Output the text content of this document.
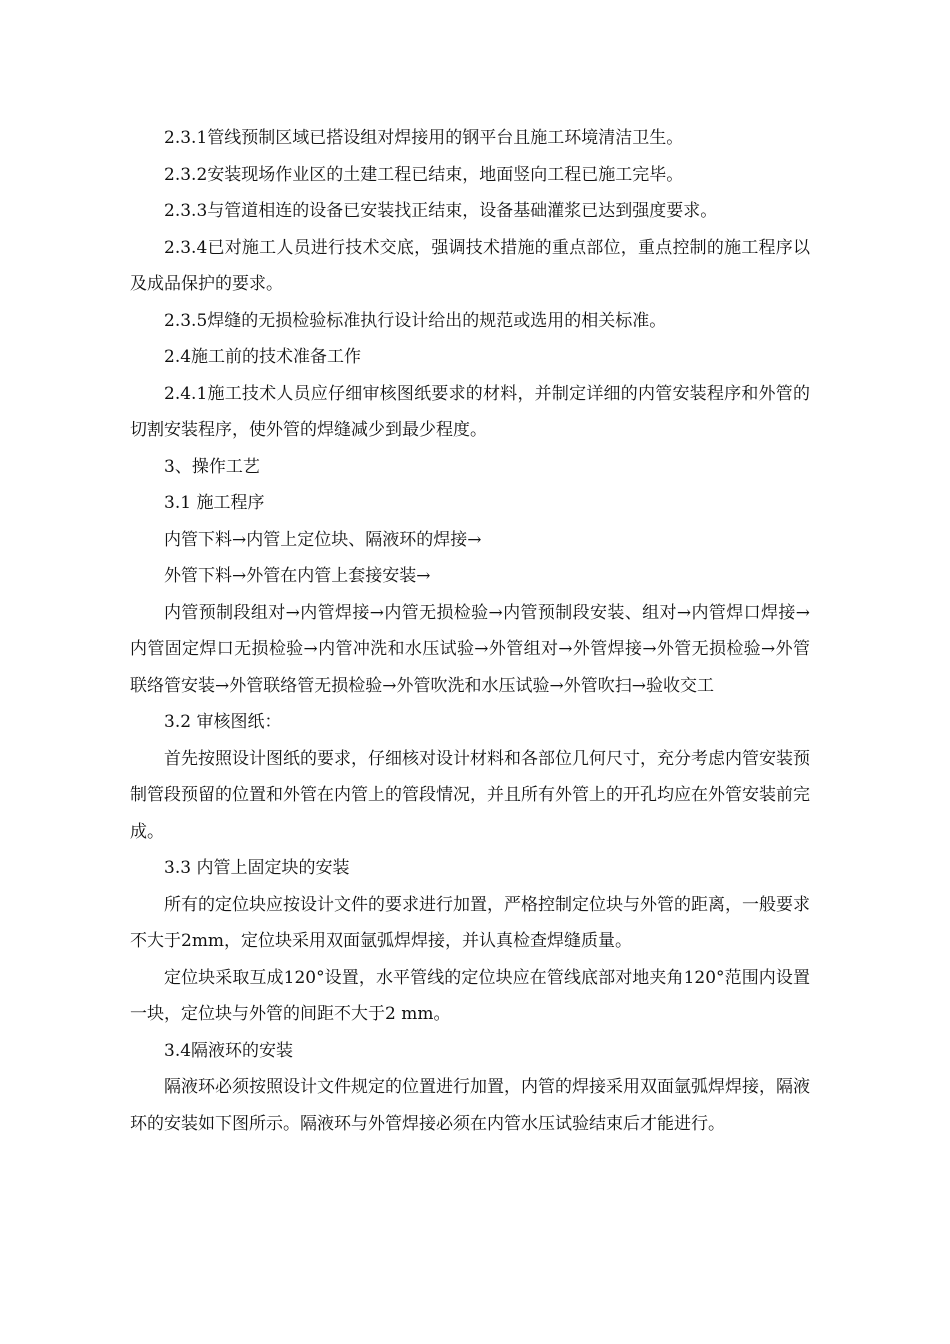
2.3.1管线预制区域已搭设组对焊接用的钢平台且施工环境清洁卫生。

2.3.2安装现场作业区的土建工程已结束，地面竖向工程已施工完毕。

2.3.3与管道相连的设备已安装找正结束，设备基础灌浆已达到强度要求。

2.3.4已对施工人员进行技术交底，强调技术措施的重点部位，重点控制的施工程序以及成品保护的要求。

2.3.5焊缝的无损检验标准执行设计给出的规范或选用的相关标准。

2.4施工前的技术准备工作

2.4.1施工技术人员应仔细审核图纸要求的材料，并制定详细的内管安装程序和外管的切割安装程序，使外管的焊缝减少到最少程度。

3、操作工艺

3.1 施工程序

内管下料→内管上定位块、隔液环的焊接→

外管下料→外管在内管上套接安装→

内管预制段组对→内管焊接→内管无损检验→内管预制段安装、组对→内管焊口焊接→内管固定焊口无损检验→内管冲洗和水压试验→外管组对→外管焊接→外管无损检验→外管联络管安装→外管联络管无损检验→外管吹洗和水压试验→外管吹扫→验收交工

3.2 审核图纸：

首先按照设计图纸的要求，仔细核对设计材料和各部位几何尺寸，充分考虑内管安装预制管段预留的位置和外管在内管上的管段情况，并且所有外管上的开孔均应在外管安装前完成。

3.3 内管上固定块的安装

所有的定位块应按设计文件的要求进行加置，严格控制定位块与外管的距离，一般要求不大于2mm，定位块采用双面氩弧焊焊接，并认真检查焊缝质量。

定位块采取互成120°设置，水平管线的定位块应在管线底部对地夹角120°范围内设置一块，定位块与外管的间距不大于2 mm。

3.4隔液环的安装

隔液环必须按照设计文件规定的位置进行加置，内管的焊接采用双面氩弧焊焊接，隔液环的安装如下图所示。隔液环与外管焊接必须在内管水压试验结束后才能进行。
